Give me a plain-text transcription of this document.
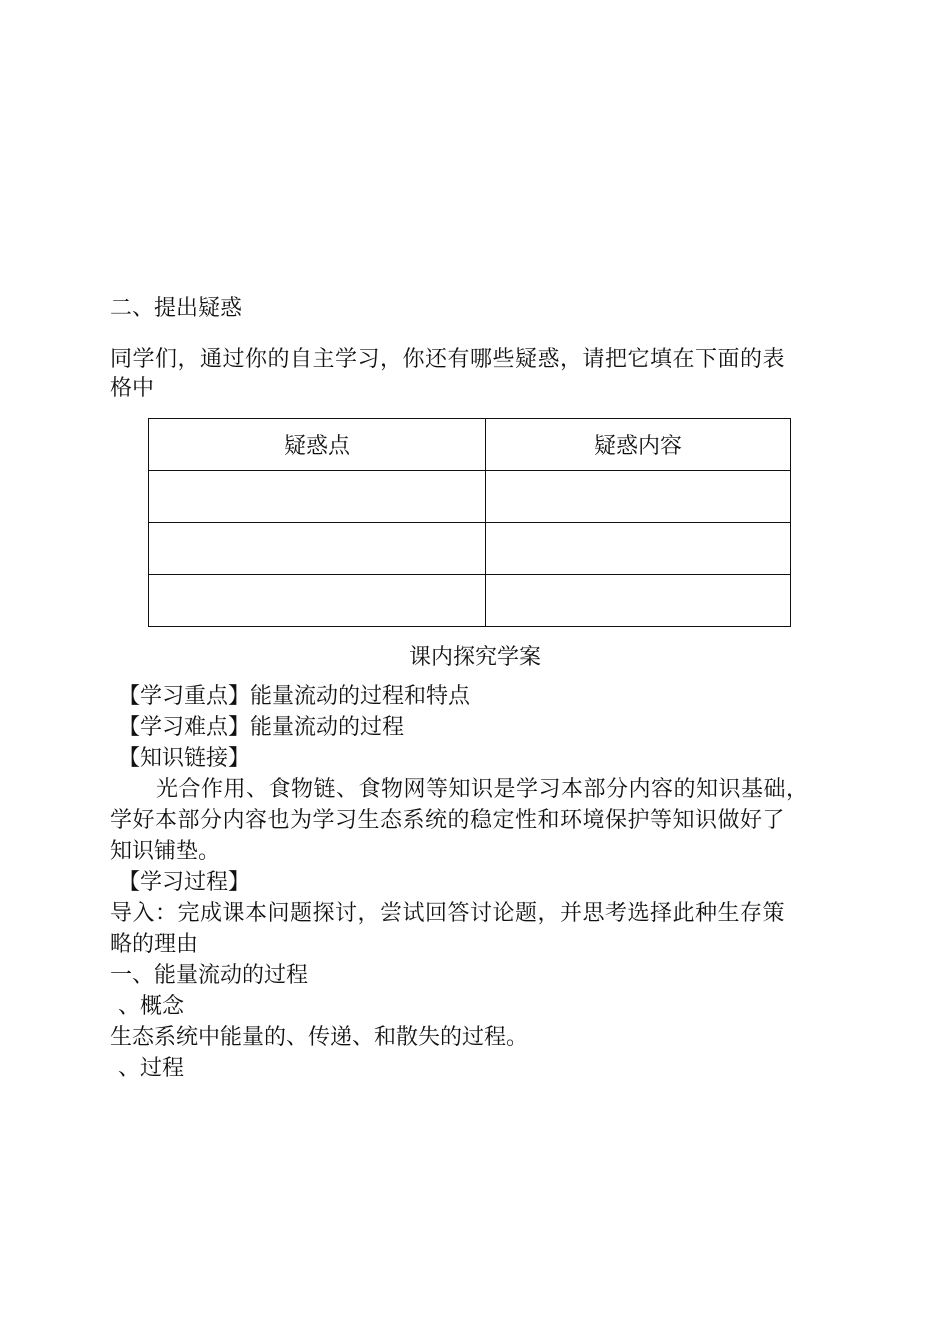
二、提出疑惑
同学们，通过你的自主学习，你还有哪些疑惑，请把它填在下面的表
格中
疑惑点	疑惑内容

课内探究学案
【学习重点】能量流动的过程和特点
【学习难点】能量流动的过程
【知识链接】
光合作用、食物链、食物网等知识是学习本部分内容的知识基础，
学好本部分内容也为学习生态系统的稳定性和环境保护等知识做好了
知识铺垫。
【学习过程】
导入：完成课本问题探讨，尝试回答讨论题，并思考选择此种生存策
略的理由
一、能量流动的过程
、概念
生态系统中能量的、传递、和散失的过程。
、过程
